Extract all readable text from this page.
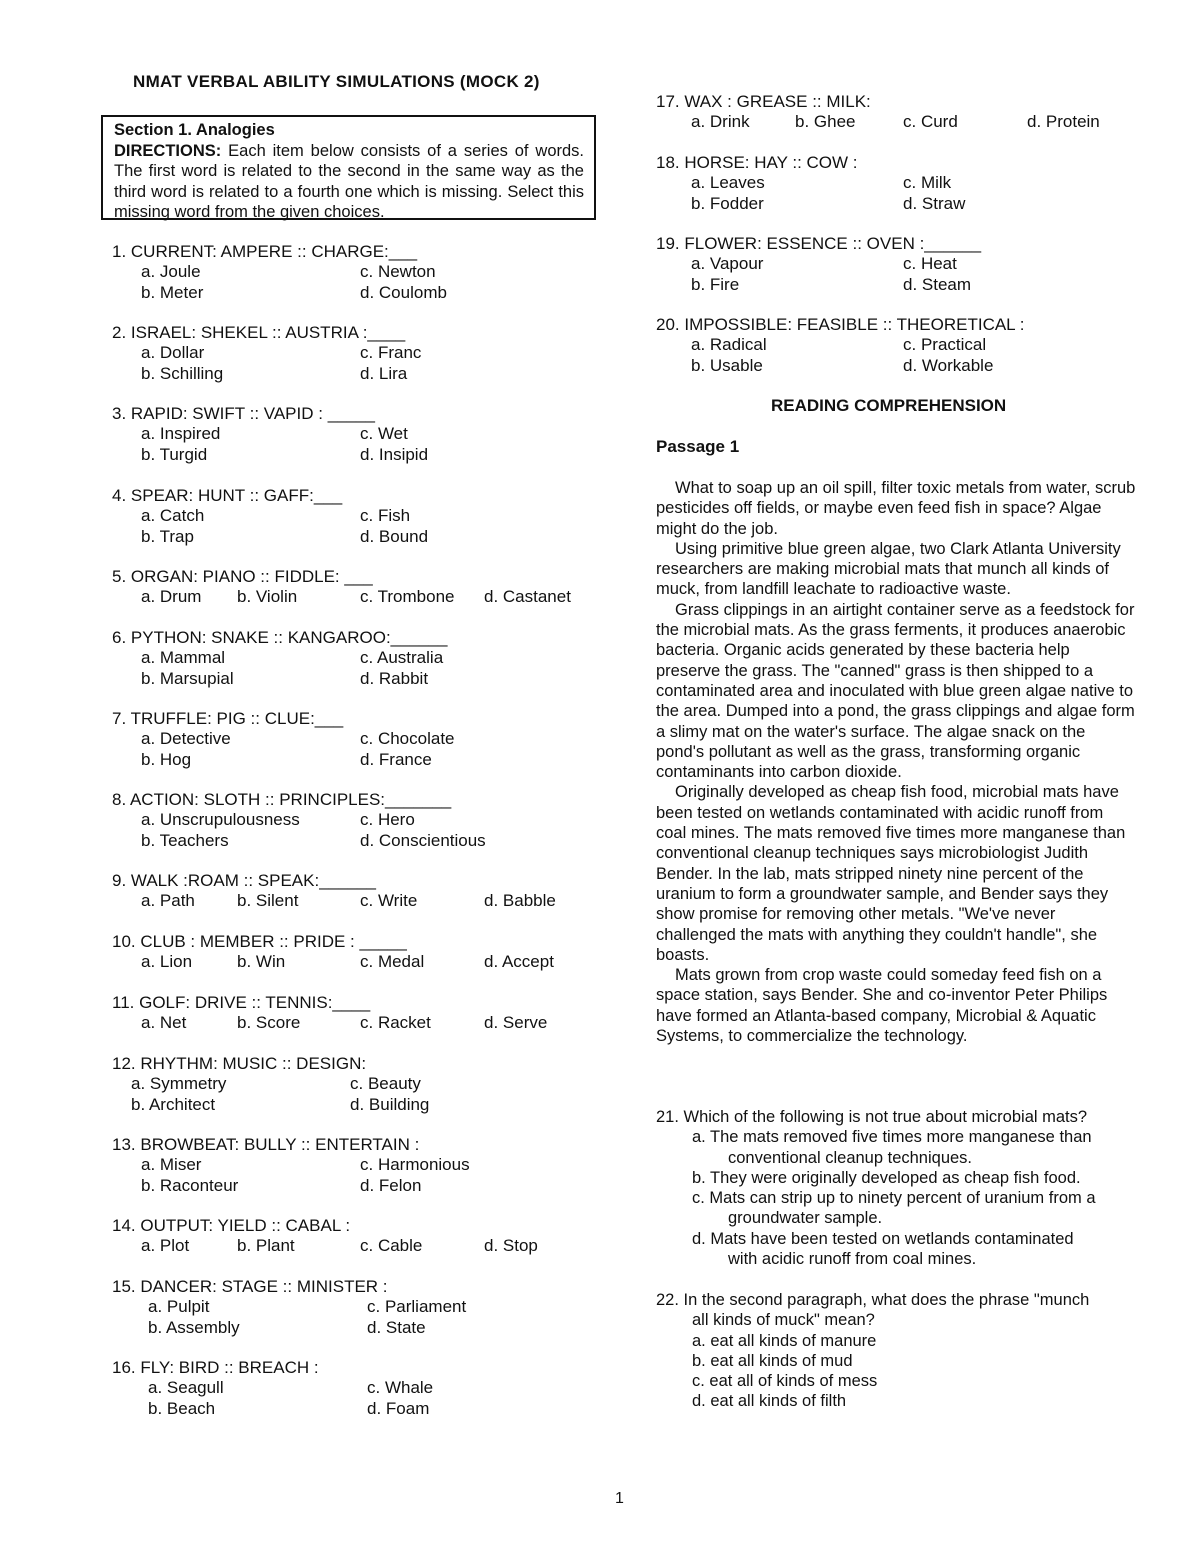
NMAT VERBAL ABILITY SIMULATIONS (MOCK 2)
Section 1. Analogies
DIRECTIONS: Each item below consists of a series of words. The first word is related to the second in the same way as the third word is related to a fourth one which is missing. Select this missing word from the given choices.
READING COMPREHENSION
Passage 1

What to soap up an oil spill, filter toxic metals from water, scrub pesticides off fields, or maybe even feed fish in space? Algae might do the job.

Using primitive blue green algae, two Clark Atlanta University researchers are making microbial mats that munch all kinds of muck, from landfill leachate to radioactive waste.

Grass clippings in an airtight container serve as a feedstock for the microbial mats. As the grass ferments, it produces anaerobic bacteria. Organic acids generated by these bacteria help preserve the grass. The "canned" grass is then shipped to a contaminated area and inoculated with blue green algae native to the area. Dumped into a pond, the grass clippings and algae form a slimy mat on the water's surface. The algae snack on the pond's pollutant as well as the grass, transforming organic contaminants into carbon dioxide.

Originally developed as cheap fish food, microbial mats have been tested on wetlands contaminated with acidic runoff from coal mines. The mats removed five times more manganese than conventional cleanup techniques says microbiologist Judith Bender. In the lab, mats stripped ninety nine percent of the uranium to form a groundwater sample, and Bender says they show promise for removing other metals. "We've never challenged the mats with anything they couldn't handle", she boasts.

Mats grown from crop waste could someday feed fish on a space station, says Bender. She and co-inventor Peter Philips have formed an Atlanta-based company, Microbial & Aquatic Systems, to commercialize the technology.

21. Which of the following is not true about microbial mats?
a. The mats removed five times more manganese than
conventional cleanup techniques.
b. They were originally developed as cheap fish food.
c. Mats can strip up to ninety percent of uranium from a
groundwater sample.
d. Mats have been tested on wetlands contaminated
with acidic runoff from coal mines.
22. In the second paragraph, what does the phrase "munch
all kinds of muck" mean?
a. eat all kinds of manure
b. eat all kinds of mud
c. eat all of kinds of mess
d. eat all kinds of filth
1
1. CURRENT: AMPERE :: CHARGE:___
a. Joule
b. Meter
c. Newton
d. Coulomb
2. ISRAEL: SHEKEL :: AUSTRIA :____
a. Dollar
b. Schilling
c. Franc
d. Lira
3. RAPID: SWIFT :: VAPID : _____
a. Inspired
b. Turgid
c. Wet
d. Insipid
4. SPEAR: HUNT :: GAFF:___
a. Catch
b. Trap
c. Fish
d. Bound
5. ORGAN: PIANO :: FIDDLE: ___
a. Drum b. Violin	c. Trombone d. Castanet
6. PYTHON: SNAKE :: KANGAROO:______
a. Mammal
b. Marsupial
c. Australia
d. Rabbit
7. TRUFFLE: PIG :: CLUE:___
a. Detective
b. Hog
c. Chocolate
d. France
8. ACTION: SLOTH :: PRINCIPLES:_______
a. Unscrupulousness
b. Teachers
c. Hero
d. Conscientious
9. WALK :ROAM :: SPEAK:______
a. Path b. Silent	c. Write	d. Babble
10. CLUB : MEMBER :: PRIDE : _____
a. Lion	b. Win	c. Medal	d. Accept
11. GOLF: DRIVE :: TENNIS:____
a. Net	b. Score	c. Racket	d. Serve
12. RHYTHM: MUSIC :: DESIGN:
a. Symmetry
b. Architect
c. Beauty
d. Building
13. BROWBEAT: BULLY :: ENTERTAIN :
a. Miser
b. Raconteur
c. Harmonious
d. Felon
14. OUTPUT: YIELD :: CABAL :
a. Plot	b. Plant	c. Cable	d. Stop
15. DANCER: STAGE :: MINISTER :
a. Pulpit
b. Assembly
c. Parliament
d. State
16. FLY: BIRD :: BREACH :
a. Seagull
b. Beach
c. Whale
d. Foam
17. WAX : GREASE :: MILK:
a. Drink	b. Ghee	c. Curd	d. Protein
18. HORSE: HAY :: COW :
a. Leaves
b. Fodder
c. Milk
d. Straw
19. FLOWER: ESSENCE :: OVEN :______
a. Vapour
b. Fire
c. Heat
d. Steam
20. IMPOSSIBLE: FEASIBLE :: THEORETICAL :
a. Radical
b. Usable
c. Practical
d. Workable
